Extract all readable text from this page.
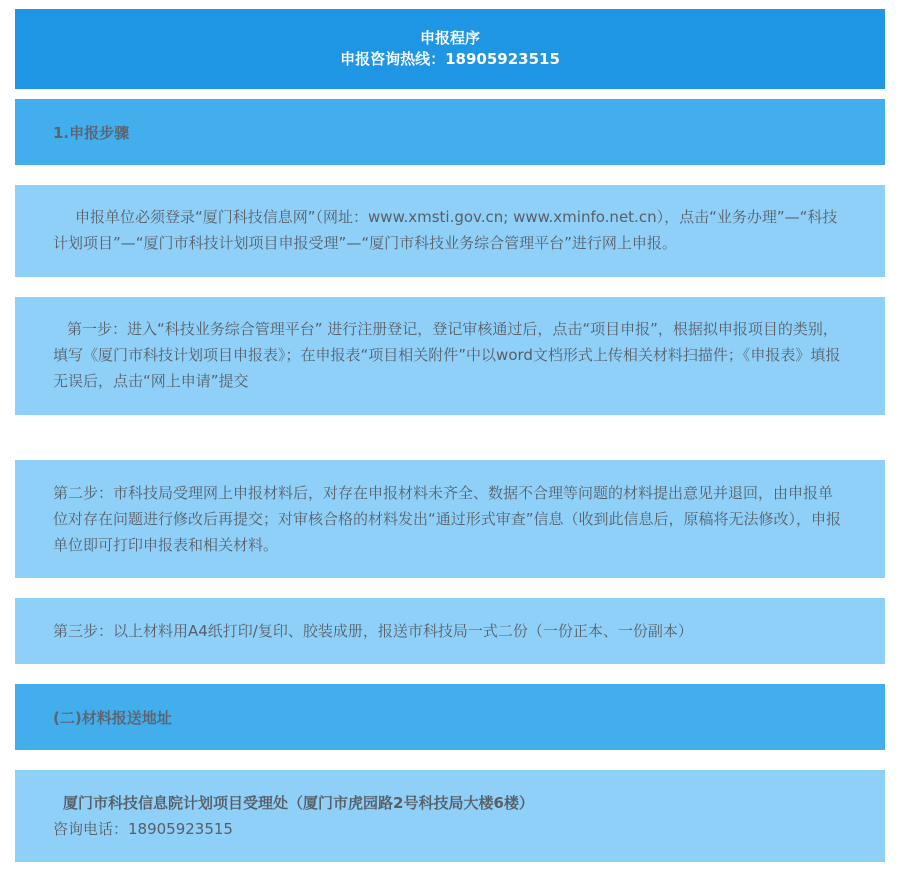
申报程序
申报咨询热线：18905923515
1.申报步骤

申报单位必须登录“厦门科技信息网”（网址：www.xmsti.gov.cn; www.xminfo.net.cn），点击“业务办理”—“科技计划项目”—“厦门市科技计划项目申报受理”—“厦门市科技业务综合管理平台”进行网上申报。

第一步：进入“科技业务综合管理平台” 进行注册登记，登记审核通过后，点击“项目申报”，根据拟申报项目的类别，填写《厦门市科技计划项目申报表》；在申报表“项目相关附件”中以word文档形式上传相关材料扫描件；《申报表》填报无误后，点击“网上申请”提交

第二步：市科技局受理网上申报材料后，对存在申报材料未齐全、数据不合理等问题的材料提出意见并退回，由申报单位对存在问题进行修改后再提交；对审核合格的材料发出“通过形式审查”信息（收到此信息后，原稿将无法修改），申报单位即可打印申报表和相关材料。

第三步：以上材料用A4纸打印/复印、胶装成册，报送市科技局一式二份（一份正本、一份副本）

(二)材料报送地址

厦门市科技信息院计划项目受理处（厦门市虎园路2号科技局大楼6楼）

咨询电话：18905923515
